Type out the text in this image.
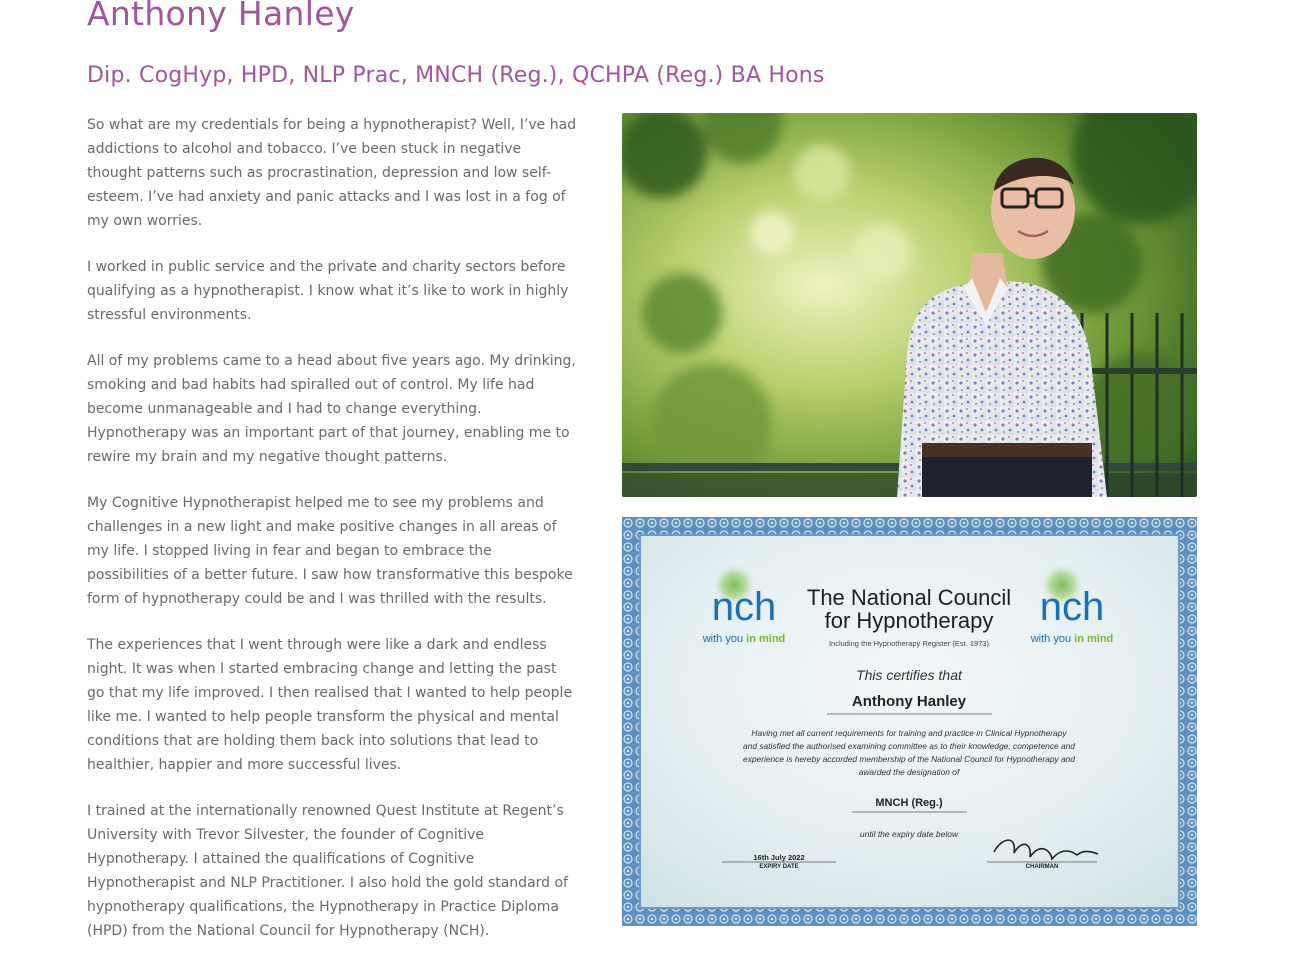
Anthony Hanley
Dip. CogHyp, HPD, NLP Prac, MNCH (Reg.), QCHPA (Reg.) BA Hons

So what are my credentials for being a hypnotherapist? Well, I’ve had addictions to alcohol and tobacco. I’ve been stuck in negative thought patterns such as procrastination, depression and low self-esteem. I’ve had anxiety and panic attacks and I was lost in a fog of my own worries.

I worked in public service and the private and charity sectors before qualifying as a hypnotherapist. I know what it’s like to work in highly stressful environments.

All of my problems came to a head about five years ago. My drinking, smoking and bad habits had spiralled out of control. My life had become unmanageable and I had to change everything. Hypnotherapy was an important part of that journey, enabling me to rewire my brain and my negative thought patterns.

My Cognitive Hypnotherapist helped me to see my problems and challenges in a new light and make positive changes in all areas of my life. I stopped living in fear and began to embrace the possibilities of a better future. I saw how transformative this bespoke form of hypnotherapy could be and I was thrilled with the results.

The experiences that I went through were like a dark and endless night. It was when I started embracing change and letting the past go that my life improved. I then realised that I wanted to help people like me. I wanted to help people transform the physical and mental conditions that are holding them back into solutions that lead to healthier, happier and more successful lives.

I trained at the internationally renowned Quest Institute at Regent’s University with Trevor Silvester, the founder of Cognitive Hypnotherapy. I attained the qualifications of Cognitive Hypnotherapist and NLP Practitioner. I also hold the gold standard of hypnotherapy qualifications, the Hypnotherapy in Practice Diploma (HPD) from the National Council for Hypnotherapy (NCH).

nch
with you in mind
nch
with you in mind
The National Council
for Hypnotherapy
Including the Hypnotherapy Register (Est. 1973)
This certifies that
Anthony Hanley
Having met all current requirements for training and practice in Clinical Hypnotherapy
and satisfied the authorised examining committee as to their knowledge, competence and
experience is hereby accorded membership of the National Council for Hypnotherapy and
awarded the designation of
MNCH (Reg.)
until the expiry date below
16th July 2022
EXPIRY DATE	CHAIRMAN
